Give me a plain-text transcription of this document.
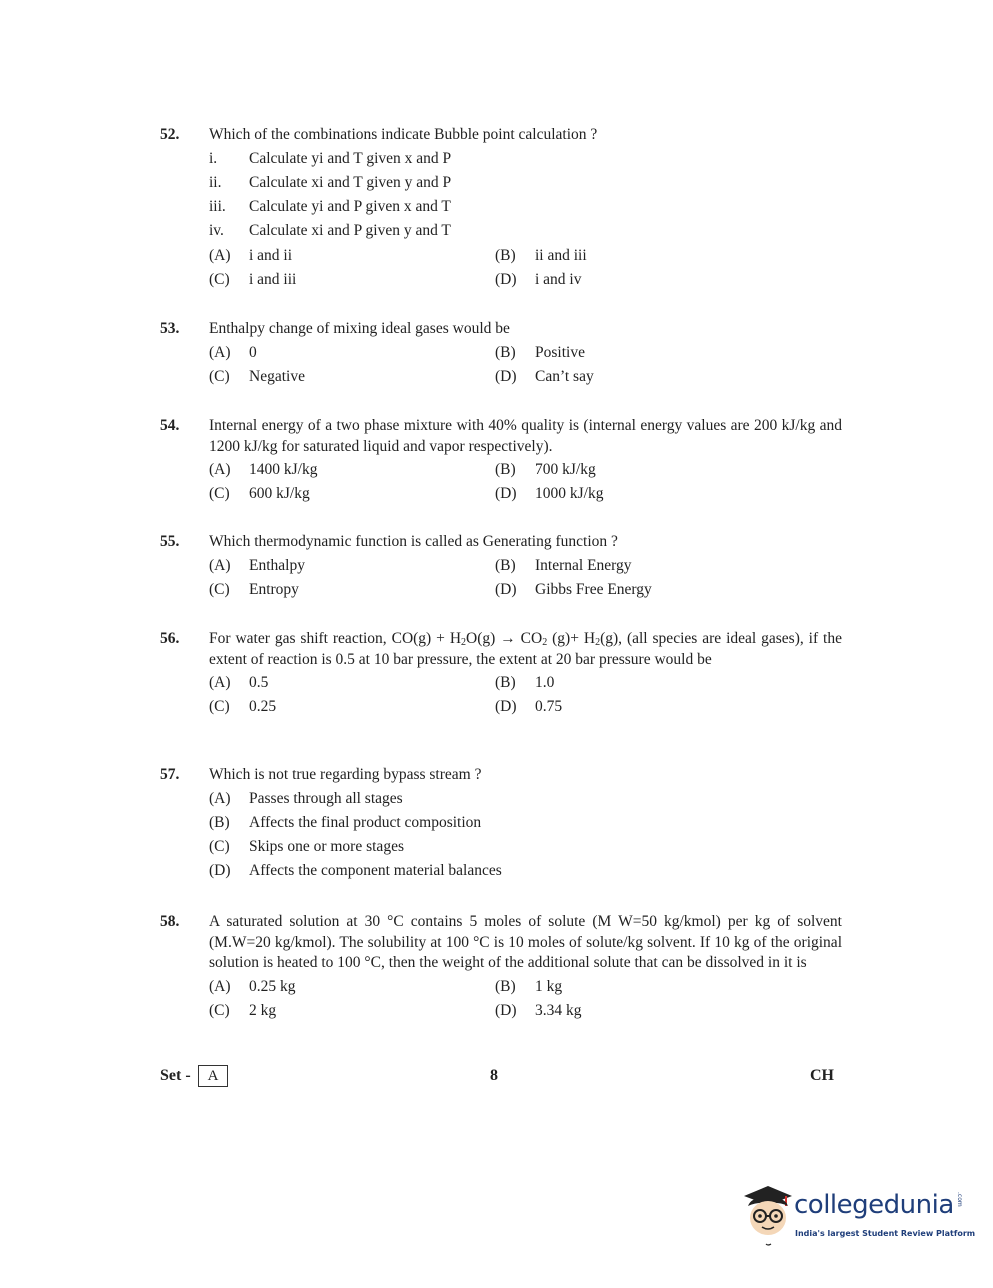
52. Which of the combinations indicate Bubble point calculation ?
i. Calculate yi and T given x and P
ii. Calculate xi and T given y and P
iii. Calculate yi and P given x and T
iv. Calculate xi and P given y and T
(A) i and ii	(B) ii and iii
(C) i and iii	(D) i and iv
53. Enthalpy change of mixing ideal gases would be
(A) 0	(B) Positive
(C) Negative	(D) Can’t say
54. Internal energy of a two phase mixture with 40% quality is (internal energy values are 200 kJ/kg and 1200 kJ/kg for saturated liquid and vapor respectively).
(A) 1400 kJ/kg	(B) 700 kJ/kg
(C) 600 kJ/kg	(D) 1000 kJ/kg
55. Which thermodynamic function is called as Generating function ?
(A) Enthalpy	(B) Internal Energy
(C) Entropy	(D) Gibbs Free Energy
56. For water gas shift reaction, $CO(g) + H_2O(g) \to CO_2$ $(g)+ H_2(g)$, (all species are ideal gases), if the extent of reaction is 0.5 at 10 bar pressure, the extent at 20 bar pressure would be
(A) 0.5	(B) 1.0
(C) 0.25	(D) 0.75
57. Which is not true regarding bypass stream ?
(A) Passes through all stages
(B) Affects the final product composition
(C) Skips one or more stages
(D) Affects the component material balances
58. A saturated solution at 30 °C contains 5 moles of solute (M W=50 kg/kmol) per kg of solvent (M.W=20 kg/kmol). The solubility at 100 °C is 10 moles of solute/kg solvent. If 10 kg of the original solution is heated to 100 °C, then the weight of the additional solute that can be dissolved in it is
(A) 0.25 kg	(B) 1 kg
(C) 2 kg	(D) 3.34 kg
Set -	A	8	CH
collegedunia .com
India's largest Student Review Platform
